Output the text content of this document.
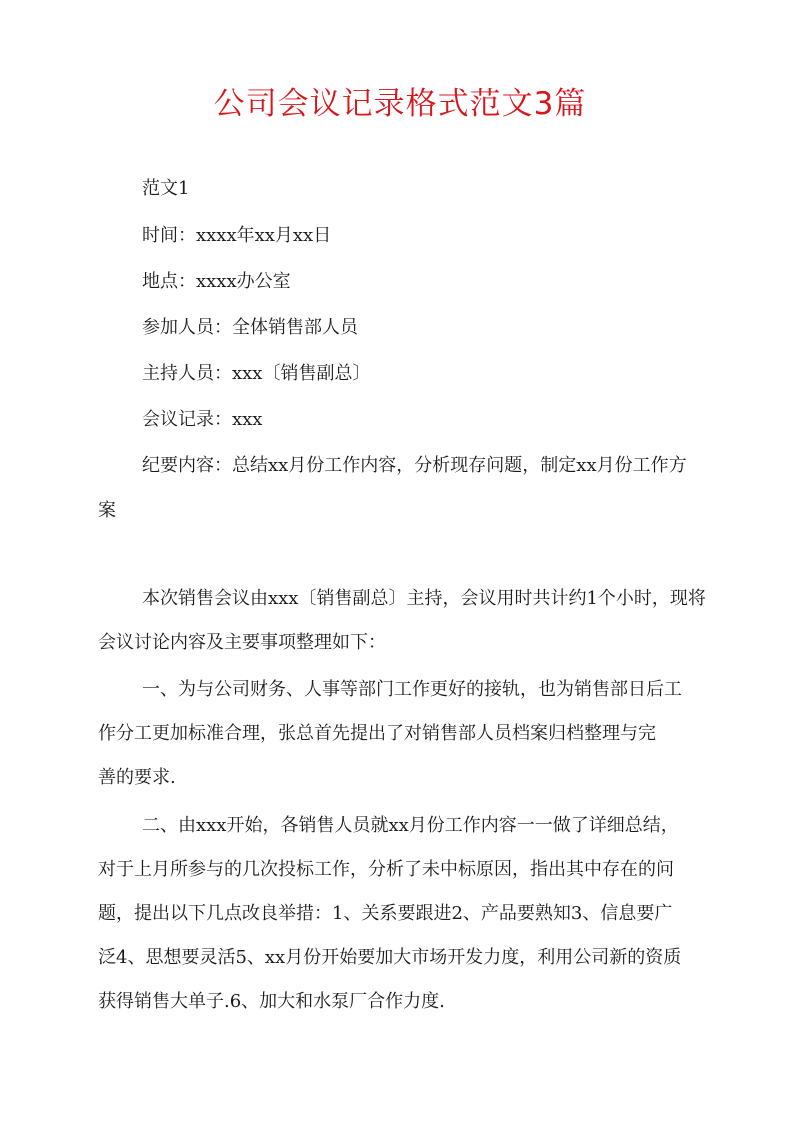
公司会议记录格式范文3篇

范文1

时间：xxxx年xx月xx日

地点：xxxx办公室

参加人员：全体销售部人员

主持人员：xxx〔销售副总〕

会议记录：xxx

纪要内容：总结xx月份工作内容，分析现存问题，制定xx月份工作方

案

本次销售会议由xxx〔销售副总〕主持，会议用时共计约1个小时，现将

会议讨论内容及主要事项整理如下：

一、为与公司财务、人事等部门工作更好的接轨，也为销售部日后工

作分工更加标准合理，张总首先提出了对销售部人员档案归档整理与完

善的要求.

二、由xxx开始，各销售人员就xx月份工作内容一一做了详细总结，

对于上月所参与的几次投标工作，分析了未中标原因，指出其中存在的问

题，提出以下几点改良举措：1、关系要跟进2、产品要熟知3、信息要广

泛4、思想要灵活5、xx月份开始要加大市场开发力度，利用公司新的资质

获得销售大单子.6、加大和水泵厂合作力度.
